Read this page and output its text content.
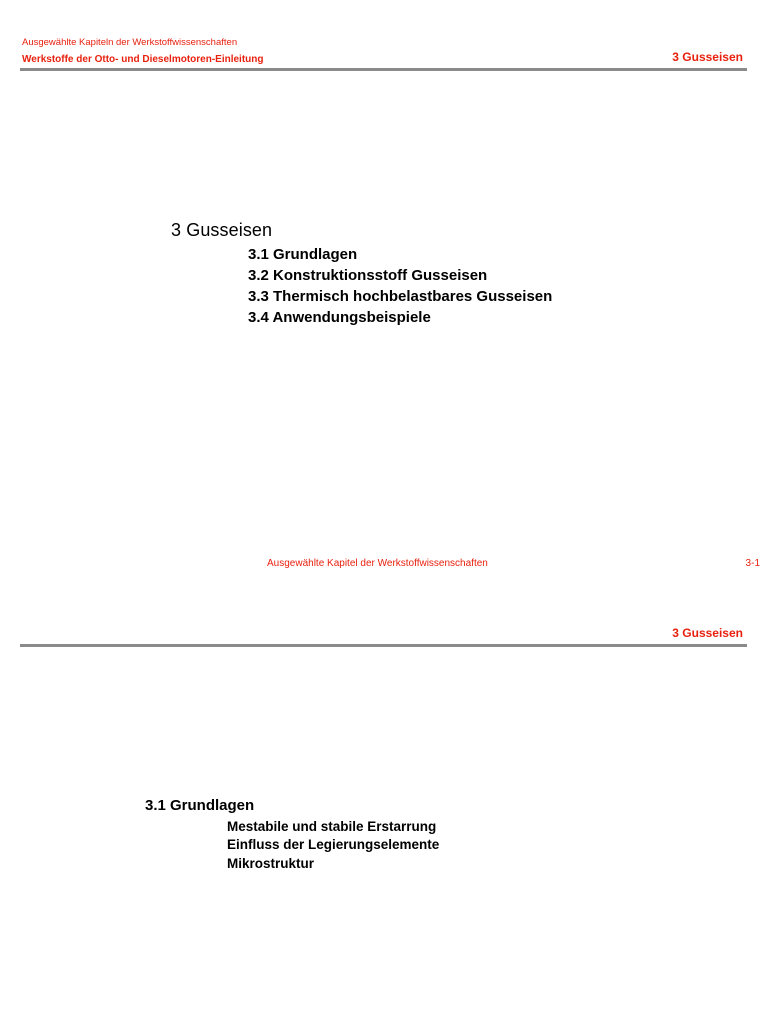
Ausgewählte Kapiteln der Werkstoffwissenschaften
Werkstoffe der Otto- und Dieselmotoren-Einleitung	3 Gusseisen
3 Gusseisen
3.1 Grundlagen
3.2 Konstruktionsstoff Gusseisen
3.3 Thermisch hochbelastbares Gusseisen
3.4 Anwendungsbeispiele
Ausgewählte Kapitel der Werkstoffwissenschaften	3-1
3 Gusseisen
3.1 Grundlagen
Mestabile und stabile Erstarrung
Einfluss der Legierungselemente
Mikrostruktur
